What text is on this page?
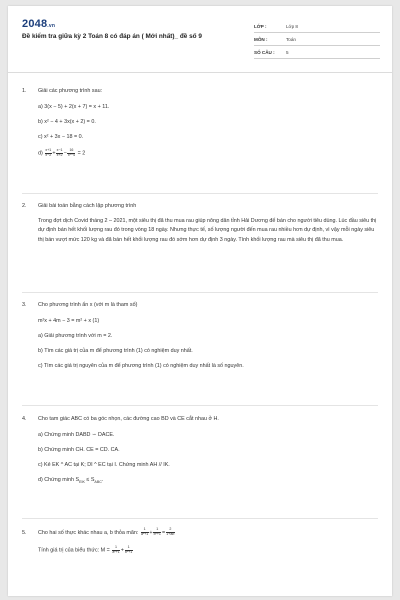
2048.vn
Đề kiểm tra giữa kỳ 2 Toán 8 có đáp án ( Mới nhất)_ đề số 9
LỚP :	Lớp 8
MÔN :	Toán
SỐ CÂU :	5
1. Giải các phương trình sau:
a) 3(x − 5) + 2(x + 7) = x + 11.
b) x² − 4 + 3x(x + 2) = 0.
c) x² + 3x − 18 = 0.
$d) \frac{x+1}{x-2} + \frac{x-1}{x+2} - \frac{16}{\text{x²−4}} = 2$
2. Giải bài toán bằng cách lập phương trình
Trong đợt dịch Covid tháng 2 – 2021, một siêu thị đã thu mua rau giúp nông dân tỉnh Hải Dương để bán cho người tiêu dùng. Lúc đầu siêu thị dự định bán hết khối lượng rau đó trong vòng 18 ngày. Nhưng thực tế, số lượng người đến mua rau nhiều hơn dự định, vì vậy mỗi ngày siêu thị bán vượt mức 120 kg và đã bán hết khối lượng rau đó sớm hơn dự định 3 ngày. Tính khối lượng rau mà siêu thị đã thu mua.
3. Cho phương trình ẩn x (với m là tham số)
m²x + 4m − 3 = m² + x (1)
a) Giải phương trình với m = 2.
b) Tìm các giá trị của m để phương trình (1) có nghiệm duy nhất.
c) Tìm các giá trị nguyên của m để phương trình (1) có nghiệm duy nhất là số nguyên.
4. Cho tam giác ABC có ba góc nhọn, các đường cao BD và CE cắt nhau ở H.
a) Chứng minh DABD ∽ DACE.
b) Chứng minh CH. CE = CD. CA.
c) Kẻ EK ^ AC tại K; DI ^ EC tại I. Chứng minh AH // IK.
d) Chứng minh $S_{EIK} \le S_{ABC}$.
5. Cho hai số thực khác nhau a, b thỏa mãn: $\frac{1}{\text{a²+1}} + \frac{1}{\text{b²+1}} = \frac{2}{1+ab}$
Tính giá trị của biểu thức: $M = \frac{1}{\text{a²+1}} + \frac{1}{\text{b²+1}}$
